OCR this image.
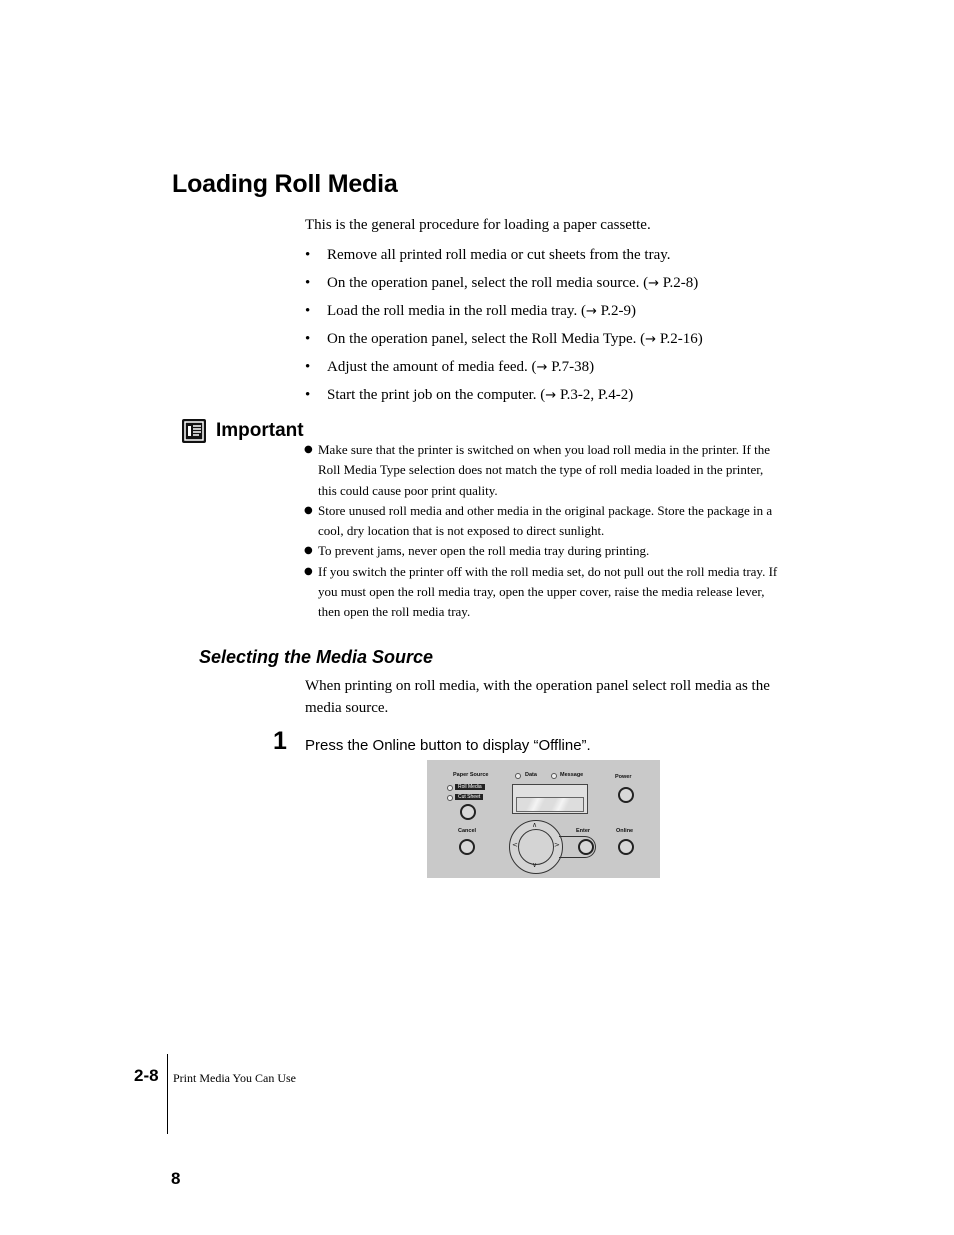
Loading Roll Media
This is the general procedure for loading a paper cassette.
• Remove all printed roll media or cut sheets from the tray.
• On the operation panel, select the roll media source. (→ P.2-8)
• Load the roll media in the roll media tray. (→ P.2-9)
• On the operation panel, select the Roll Media Type. (→ P.2-16)
• Adjust the amount of media feed. (→ P.7-38)
• Start the print job on the computer. (→ P.3-2, P.4-2)
Important
● Make sure that the printer is switched on when you load roll media in the printer. If the Roll Media Type selection does not match the type of roll media loaded in the printer, this could cause poor print quality.
● Store unused roll media and other media in the original package. Store the package in a cool, dry location that is not exposed to direct sunlight.
● To prevent jams, never open the roll media tray during printing.
● If you switch the printer off with the roll media set, do not pull out the roll media tray. If you must open the roll media tray, open the upper cover, raise the media release lever, then open the roll media tray.
Selecting the Media Source
When printing on roll media, with the operation panel select roll media as the media source.
1 Press the Online button to display “Offline”.
Paper Source
Roll Media
Cut Sheet
Data	Message	Power
Cancel
∧
∨
<	>
Enter	Online
2-8 Print Media You Can Use
8
